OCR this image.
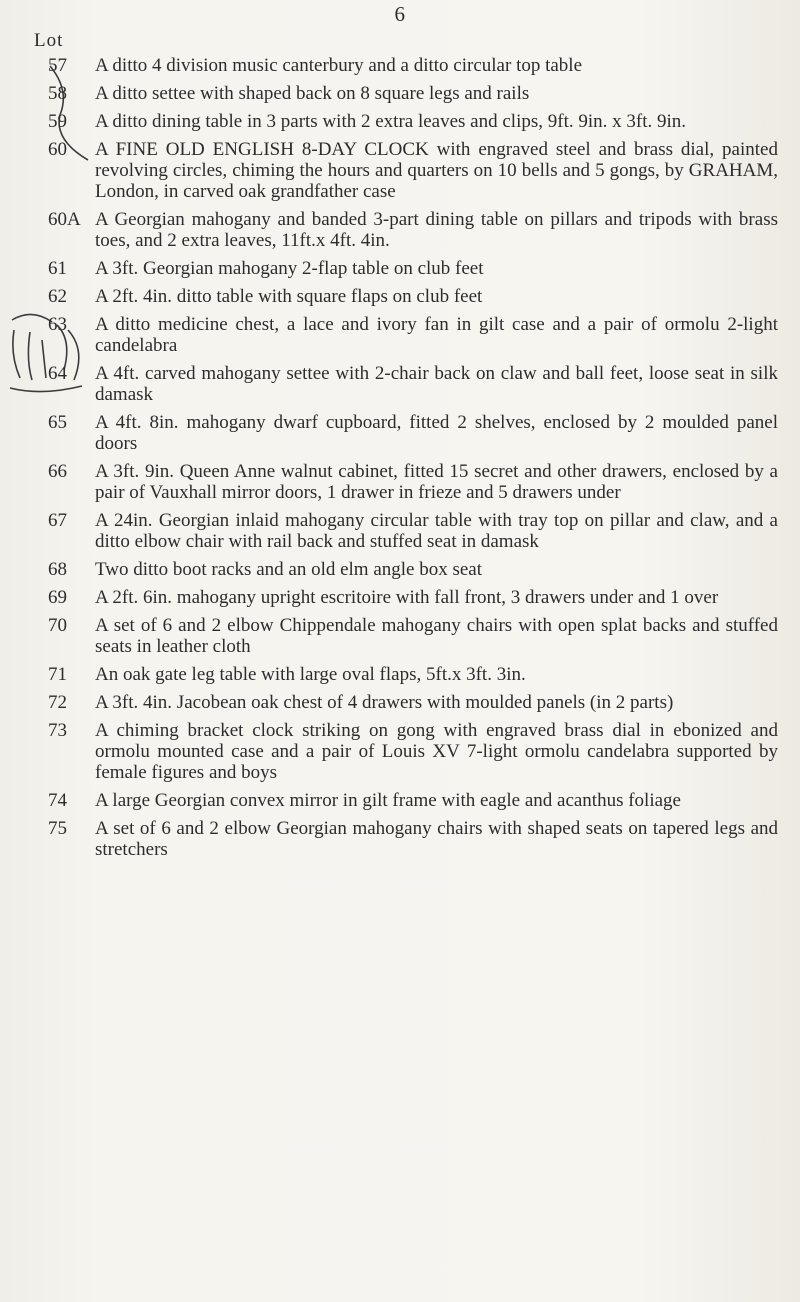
6
Lot
57	A ditto 4 division music canterbury and a ditto circular top table
58	A ditto settee with shaped back on 8 square legs and rails
59	A ditto dining table in 3 parts with 2 extra leaves and clips, 9ft. 9in. x 3ft. 9in.
60	A FINE OLD ENGLISH 8-DAY CLOCK with engraved steel and brass dial, painted revolving circles, chiming the hours and quarters on 10 bells and 5 gongs, by GRAHAM, London, in carved oak grandfather case
60A A Georgian mahogany and banded 3-part dining table on pillars and tripods with brass toes, and 2 extra leaves, 11ft.x 4ft. 4in.
61	A 3ft. Georgian mahogany 2-flap table on club feet
62	A 2ft. 4in. ditto table with square flaps on club feet
63	A ditto medicine chest, a lace and ivory fan in gilt case and a pair of ormolu 2-light candelabra
64	A 4ft. carved mahogany settee with 2-chair back on claw and ball feet, loose seat in silk damask
65	A 4ft. 8in. mahogany dwarf cupboard, fitted 2 shelves, enclosed by 2 moulded panel doors
66	A 3ft. 9in. Queen Anne walnut cabinet, fitted 15 secret and other drawers, enclosed by a pair of Vauxhall mirror doors, 1 drawer in frieze and 5 drawers under
67	A 24in. Georgian inlaid mahogany circular table with tray top on pillar and claw, and a ditto elbow chair with rail back and stuffed seat in damask
68	Two ditto boot racks and an old elm angle box seat
69	A 2ft. 6in. mahogany upright escritoire with fall front, 3 drawers under and 1 over
70	A set of 6 and 2 elbow Chippendale mahogany chairs with open splat backs and stuffed seats in leather cloth
71	An oak gate leg table with large oval flaps, 5ft.x 3ft. 3in.
72	A 3ft. 4in. Jacobean oak chest of 4 drawers with moulded panels (in 2 parts)
73	A chiming bracket clock striking on gong with engraved brass dial in ebonized and ormolu mounted case and a pair of Louis XV 7-light ormolu candelabra supported by female figures and boys
74	A large Georgian convex mirror in gilt frame with eagle and acanthus foliage
75	A set of 6 and 2 elbow Georgian mahogany chairs with shaped seats on tapered legs and stretchers
